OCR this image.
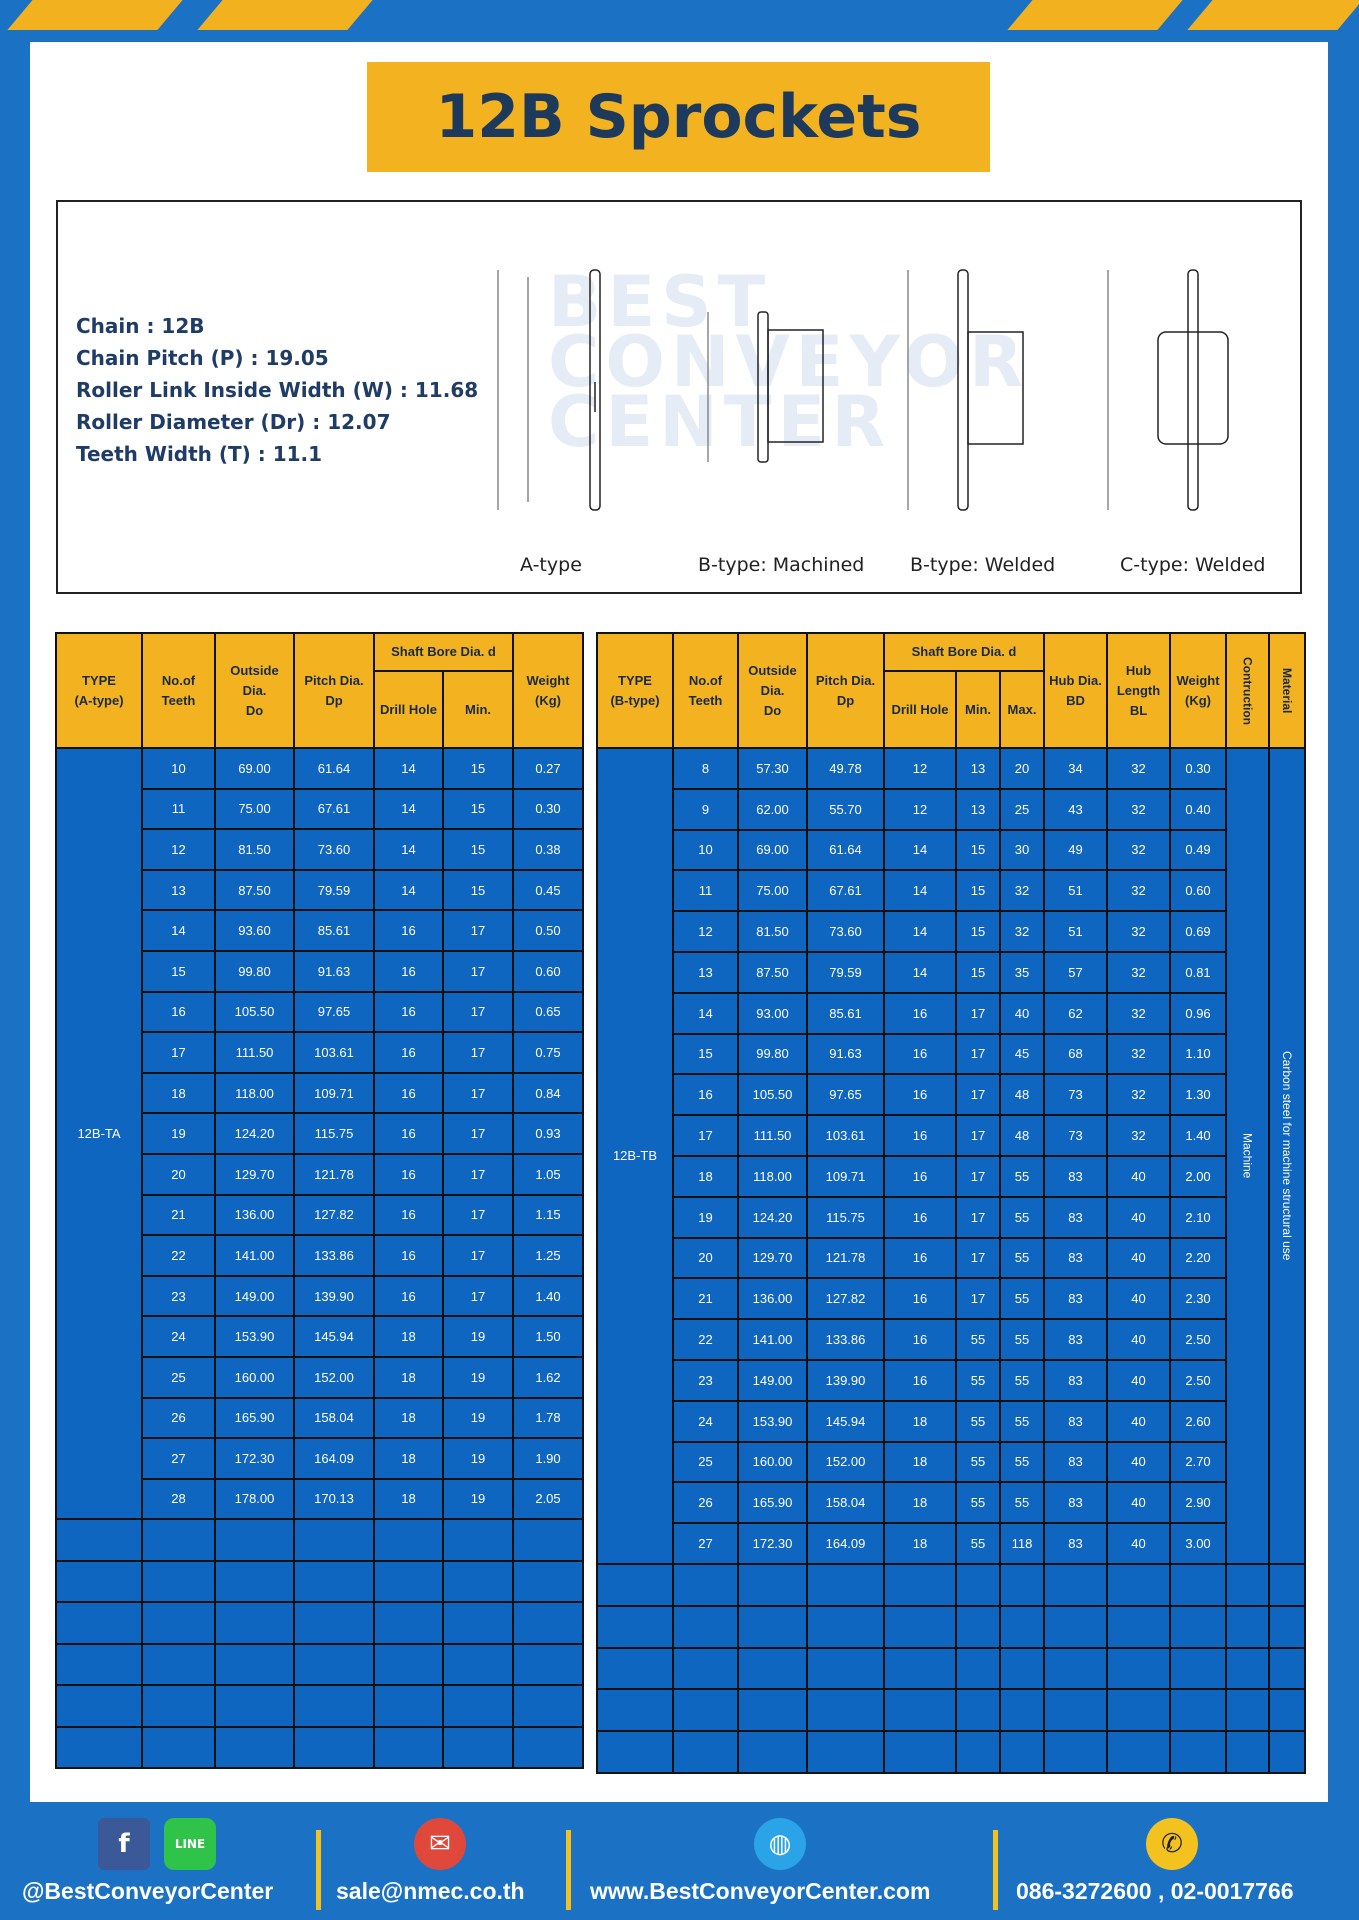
12B Sprockets
BEST
CONVEYOR
CENTER
Chain : 12B
Chain Pitch (P) : 19.05
Roller Link Inside Width (W) : 11.68
Roller Diameter (Dr) : 12.07
Teeth Width (T) : 11.1
A-type	B-type: Machined B-type: Welded	C-type: Welded
TYPE
(A-type)	No.of
Teeth	Outside
Dia.
Do	Pitch Dia.
Dp	Shaft Bore Dia. d		Weight
(Kg)
				Drill Hole	Min.	
12B-TA	10	69.00	61.64	14	15	0.27
	11	75.00	67.61	14	15	0.30
	12	81.50	73.60	14	15	0.38
	13	87.50	79.59	14	15	0.45
	14	93.60	85.61	16	17	0.50
	15	99.80	91.63	16	17	0.60
	16	105.50	97.65	16	17	0.65
	17	111.50	103.61	16	17	0.75
	18	118.00	109.71	16	17	0.84
	19	124.20	115.75	16	17	0.93
	20	129.70	121.78	16	17	1.05
	21	136.00	127.82	16	17	1.15
	22	141.00	133.86	16	17	1.25
	23	149.00	139.90	16	17	1.40
	24	153.90	145.94	18	19	1.50
	25	160.00	152.00	18	19	1.62
	26	165.90	158.04	18	19	1.78
	27	172.30	164.09	18	19	1.90
	28	178.00	170.13	18	19	2.05

TYPE
(B-type)	No.of
Teeth	Outside
Dia.
Do	Pitch Dia.
Dp	Shaft Bore Dia. d			Hub Dia.
BD	Hub
Length
BL	Weight
(Kg)	Contruction	Material
				Drill Hole	Min.	Max.					
12B-TB	8	57.30	49.78	12	13	20	34	32	0.30	Machine	Carbon steel for machine structural use
	9	62.00	55.70	12	13	25	43	32	0.40		
	10	69.00	61.64	14	15	30	49	32	0.49		
	11	75.00	67.61	14	15	32	51	32	0.60		
	12	81.50	73.60	14	15	32	51	32	0.69		
	13	87.50	79.59	14	15	35	57	32	0.81		
	14	93.00	85.61	16	17	40	62	32	0.96		
	15	99.80	91.63	16	17	45	68	32	1.10		
	16	105.50	97.65	16	17	48	73	32	1.30		
	17	111.50	103.61	16	17	48	73	32	1.40		
	18	118.00	109.71	16	17	55	83	40	2.00		
	19	124.20	115.75	16	17	55	83	40	2.10		
	20	129.70	121.78	16	17	55	83	40	2.20		
	21	136.00	127.82	16	17	55	83	40	2.30		
	22	141.00	133.86	16	55	55	83	40	2.50		
	23	149.00	139.90	16	55	55	83	40	2.50		
	24	153.90	145.94	18	55	55	83	40	2.60		
	25	160.00	152.00	18	55	55	83	40	2.70		
	26	165.90	158.04	18	55	55	83	40	2.90		
	27	172.30	164.09	18	55	118	83	40	3.00		

f	LINE
@BestConveyorCenter
✉
sale@nmec.co.th
◍
www.BestConveyorCenter.com
✆
086-3272600 , 02-0017766
